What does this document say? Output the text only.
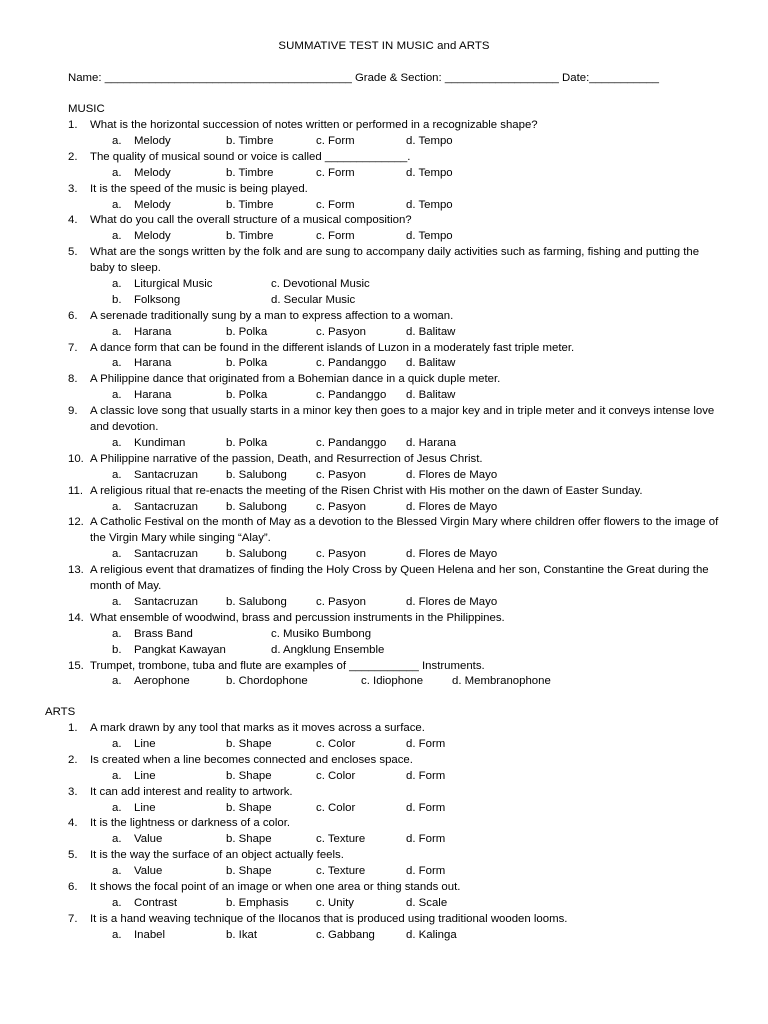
SUMMATIVE TEST IN MUSIC and ARTS
Name: _______________________________________ Grade & Section: __________________ Date:___________
MUSIC
1.	What is the horizontal succession of notes written or performed in a recognizable shape?
a. Melody	b. Timbre	c. Form	d. Tempo
2.	The quality of musical sound or voice is called _____________.
a. Melody	b. Timbre	c. Form	d. Tempo
3.	It is the speed of the music is being played.
a. Melody	b. Timbre	c. Form	d. Tempo
4.	What do you call the overall structure of a musical composition?
a. Melody	b. Timbre	c. Form	d. Tempo
5.	What are the songs written by the folk and are sung to accompany daily activities such as farming, fishing and putting the baby to sleep.
a. Liturgical Music	c. Devotional Music
b. Folksong	d. Secular Music
6.	A serenade traditionally sung by a man to express affection to a woman.
a. Harana	b. Polka	c. Pasyon	d. Balitaw
7.	A dance form that can be found in the different islands of Luzon in a moderately fast triple meter.
a. Harana	b. Polka	c. Pandanggo d. Balitaw
8.	A Philippine dance that originated from a Bohemian dance in a quick duple meter.
a. Harana	b. Polka	c. Pandanggo d. Balitaw
9.	A classic love song that usually starts in a minor key then goes to a major key and in triple meter and it conveys intense love and devotion.
a. Kundiman	b. Polka	c. Pandanggo d. Harana
10. A Philippine narrative of the passion, Death, and Resurrection of Jesus Christ.
a. Santacruzan b. Salubong	c. Pasyon	d. Flores de Mayo
11. A religious ritual that re-enacts the meeting of the Risen Christ with His mother on the dawn of Easter Sunday.
a. Santacruzan b. Salubong	c. Pasyon	d. Flores de Mayo
12. A Catholic Festival on the month of May as a devotion to the Blessed Virgin Mary where children offer flowers to the image of the Virgin Mary while singing “Alay”.
a. Santacruzan b. Salubong	c. Pasyon	d. Flores de Mayo
13. A religious event that dramatizes of finding the Holy Cross by Queen Helena and her son, Constantine the Great during the month of May.
a. Santacruzan b. Salubong	c. Pasyon	d. Flores de Mayo
14. What ensemble of woodwind, brass and percussion instruments in the Philippines.
a. Brass Band	c. Musiko Bumbong
b. Pangkat Kawayan	d. Angklung Ensemble
15. Trumpet, trombone, tuba and flute are examples of ___________ Instruments.
a. Aerophone	b. Chordophone	c. Idiophone	d. Membranophone
ARTS
1.	A mark drawn by any tool that marks as it moves across a surface.
a. Line	b. Shape	c. Color	d. Form
2.	Is created when a line becomes connected and encloses space.
a. Line	b. Shape	c. Color	d. Form
3.	It can add interest and reality to artwork.
a. Line	b. Shape	c. Color	d. Form
4.	It is the lightness or darkness of a color.
a. Value	b. Shape	c. Texture	d. Form
5.	It is the way the surface of an object actually feels.
a. Value	b. Shape	c. Texture	d. Form
6.	It shows the focal point of an image or when one area or thing stands out.
a. Contrast	b. Emphasis c. Unity	d. Scale
7.	It is a hand weaving technique of the Ilocanos that is produced using traditional wooden looms.
a. Inabel	b. Ikat	c. Gabbang	d. Kalinga
